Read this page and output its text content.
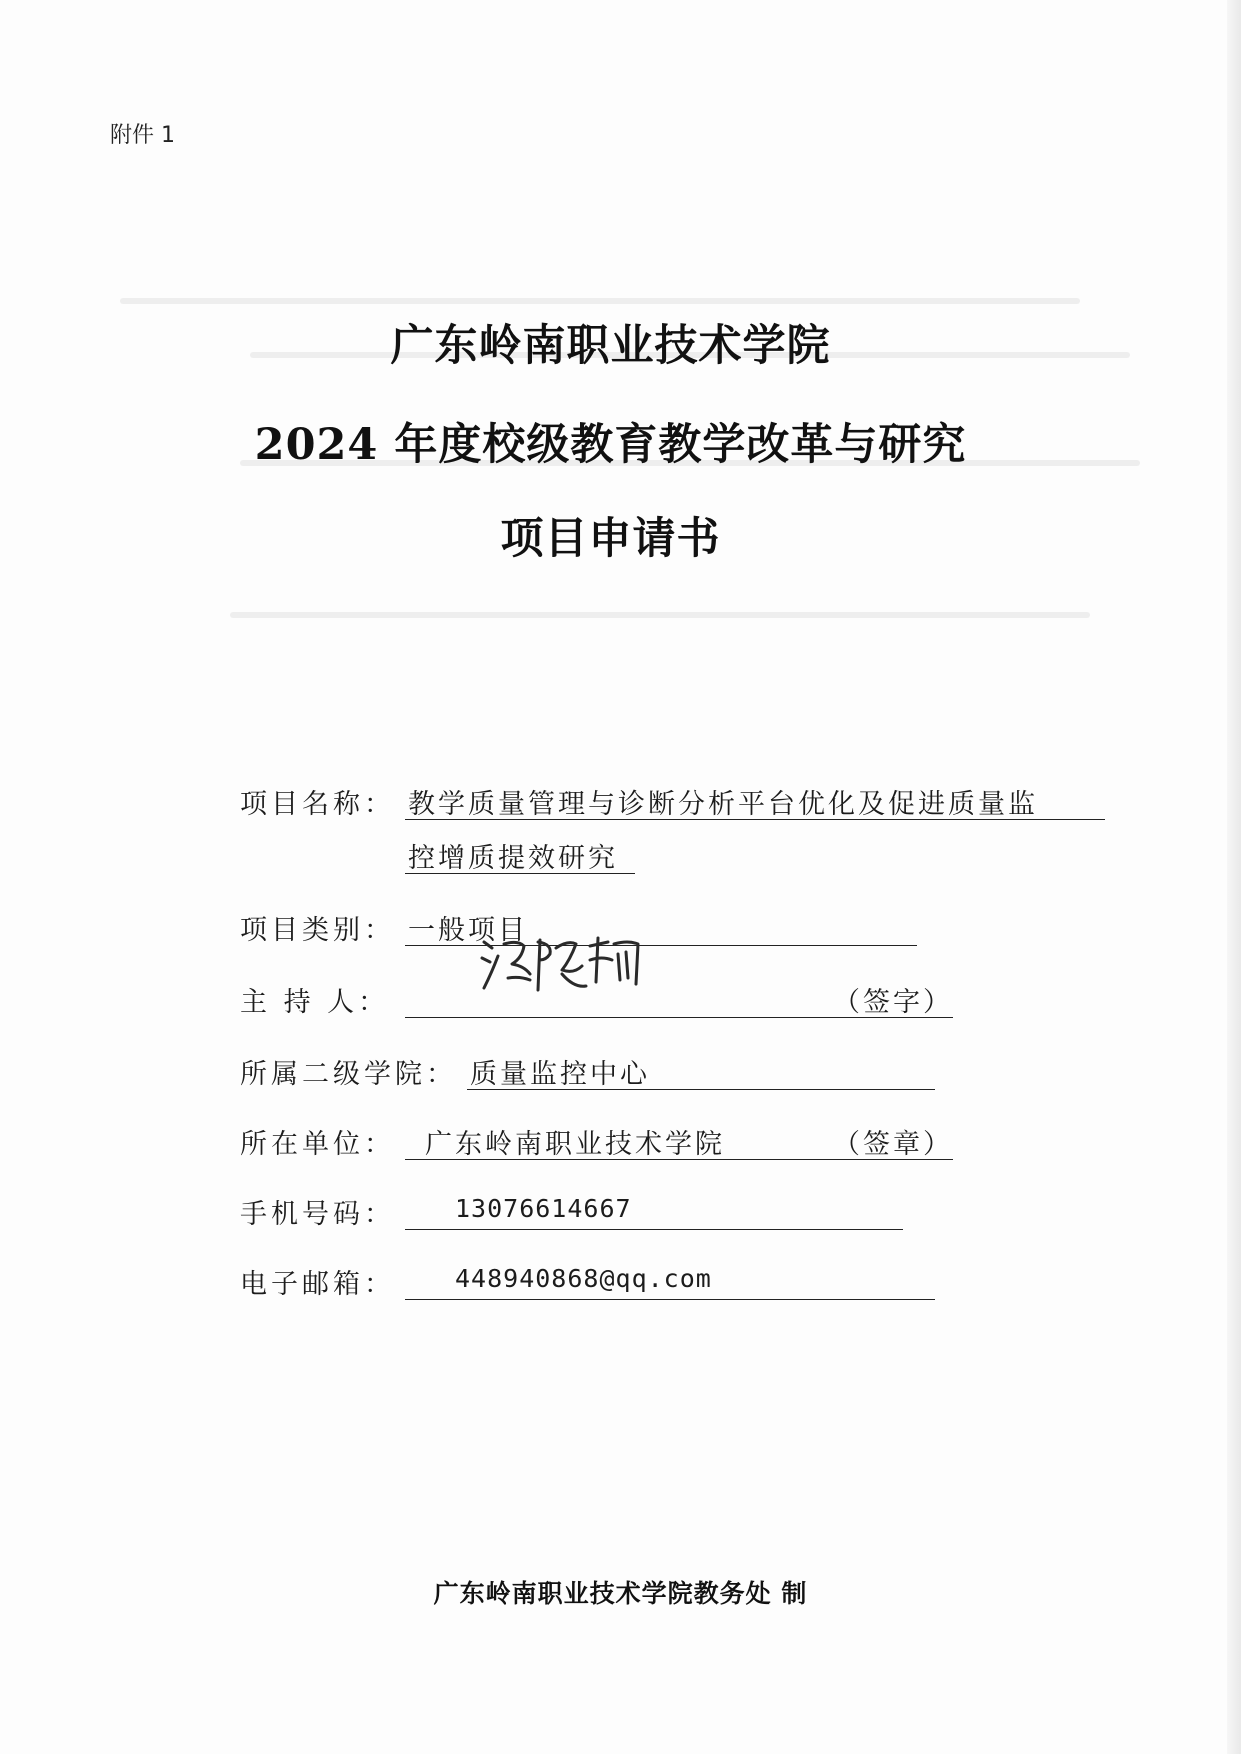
附件 1
广东岭南职业技术学院
2024 年度校级教育教学改革与研究
项目申请书
项目名称： 教学质量管理与诊断分析平台优化及促进质量监
控增质提效研究
项目类别： 一般项目
主 持 人：	（签字）
所属二级学院： 质量监控中心
所在单位： 广东岭南职业技术学院	（签章）
手机号码： 13076614667
电子邮箱： 448940868@qq.com
广东岭南职业技术学院教务处 制
